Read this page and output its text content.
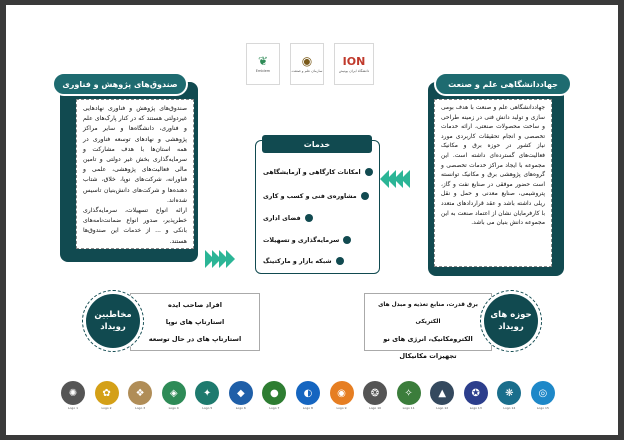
❦
Emblem
◉
سازمان علم و صنعت
ION
دانشگاه ایران یونیش
صندوق‌های پژوهش و فناوری

صندوق‌های پژوهش و فناوری نهادهایی غیردولتی هستند که در کنار پارک‌های علم و فناوری، دانشگاه‌ها و سایر مراکز پژوهشی و نهادهای توسعه فناوری در همه استان‌ها با هدف مشارکت و سرمایه‌گذاری بخش غیر دولتی و تامین مالی فعالیت‌های پژوهشی، علمی و فناورانه، شرکت‌های نوپا، خلاق، شتاب دهنده‌ها و شرکت‌های دانش‌بنیان تاسیس شده‌اند.

ارائه انواع تسهیلات، سرمایه‌گذاری خطرپذیر، صدور انواع ضمانت‌نامه‌های بانکی و ... از خدمات این صندوق‌ها هستند.

جهاددانشگاهی علم و صنعت

جهاددانشگاهی علم و صنعت با هدف بومی سازی و تولید دانش فنی در زمینه طراحی و ساخت محصولات صنعتی، ارائه خدمات تخصصی و انجام تحقیقات کاربردی مورد نیاز کشور در حوزه برق و مکانیک فعالیت‌های گسترده‌ای داشته است. این مجموعه با ایجاد مراکز خدمات تخصصی و گروه‌های پژوهشی برق و مکانیک توانسته است حضور موفقی در صنایع نفت و گاز، پتروشیمی، صنایع معدنی و حمل و نقل ریلی داشته باشد و عقد قراردادهای متعدد با کارفرمایان نشان از اعتماد صنعت به این مجموعه دانش بنیان می باشد.

خدمات
امکانات کارگاهی و آزمایشگاهی
مشاوره‌ی فنی و کسب و کاری
فضای اداری
سرمایه‌گذاری و تسهیلات
شبکه بازار و مارکتینگ
افراد صاحب ایده
استارتاپ های نوپا
استارتاپ های در حال توسعه
مخاطبین رویداد
برق قدرت، منابع تغذیه و مبدل های الکتریکی
الکترومکانیک، انرژی های نو
تجهیزات مکانیکال
حوزه های رویداد
✺
Logo 1
✿
Logo 2
❖
Logo 3
◈
Logo 4
✦
Logo 5
◆
Logo 6
●
Logo 7
◐
Logo 8
◉
Logo 9
❂
Logo 10
✧
Logo 11
▲
Logo 12
✪
Logo 13
❋
Logo 14
◎
Logo 15
